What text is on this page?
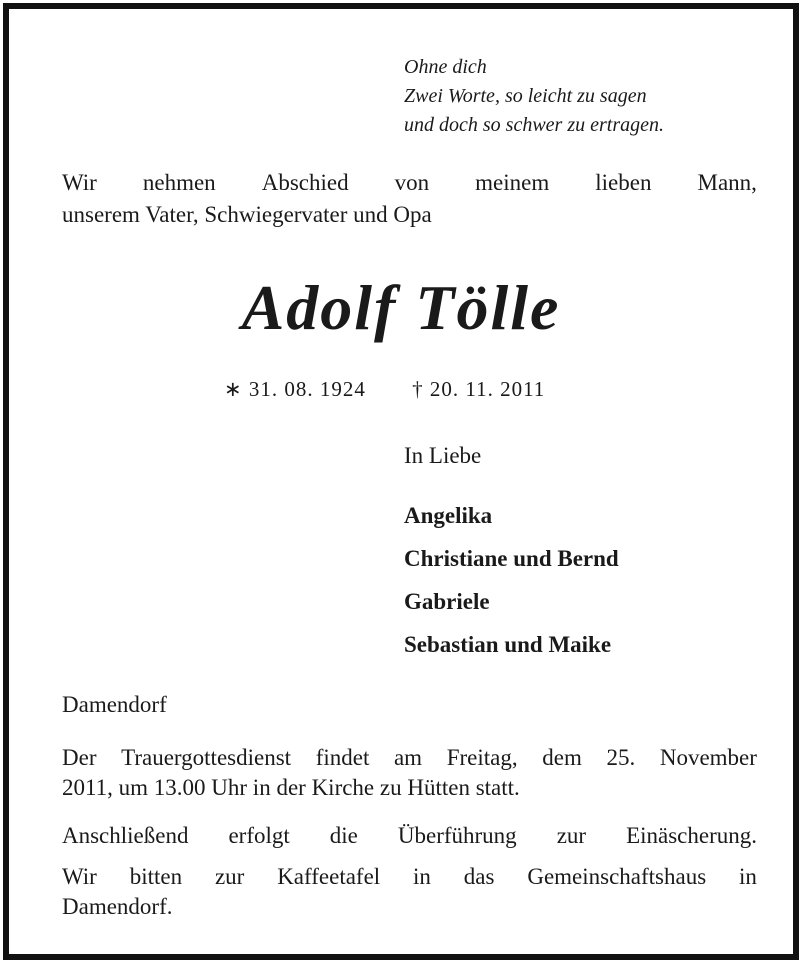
Ohne dich
Zwei Worte, so leicht zu sagen
und doch so schwer zu ertragen.
Wir nehmen Abschied von meinem lieben Mann,
unserem Vater, Schwiegervater und Opa
Adolf Tölle
∗ 31. 08. 1924 † 20. 11. 2011
In Liebe
Angelika
Christiane und Bernd
Gabriele
Sebastian und Maike
Damendorf
Der Trauergottesdienst findet am Freitag, dem 25. November
2011, um 13.00 Uhr in der Kirche zu Hütten statt.
Anschließend erfolgt die Überführung zur Einäscherung.
Wir bitten zur Kaffeetafel in das Gemeinschaftshaus in
Damendorf.
